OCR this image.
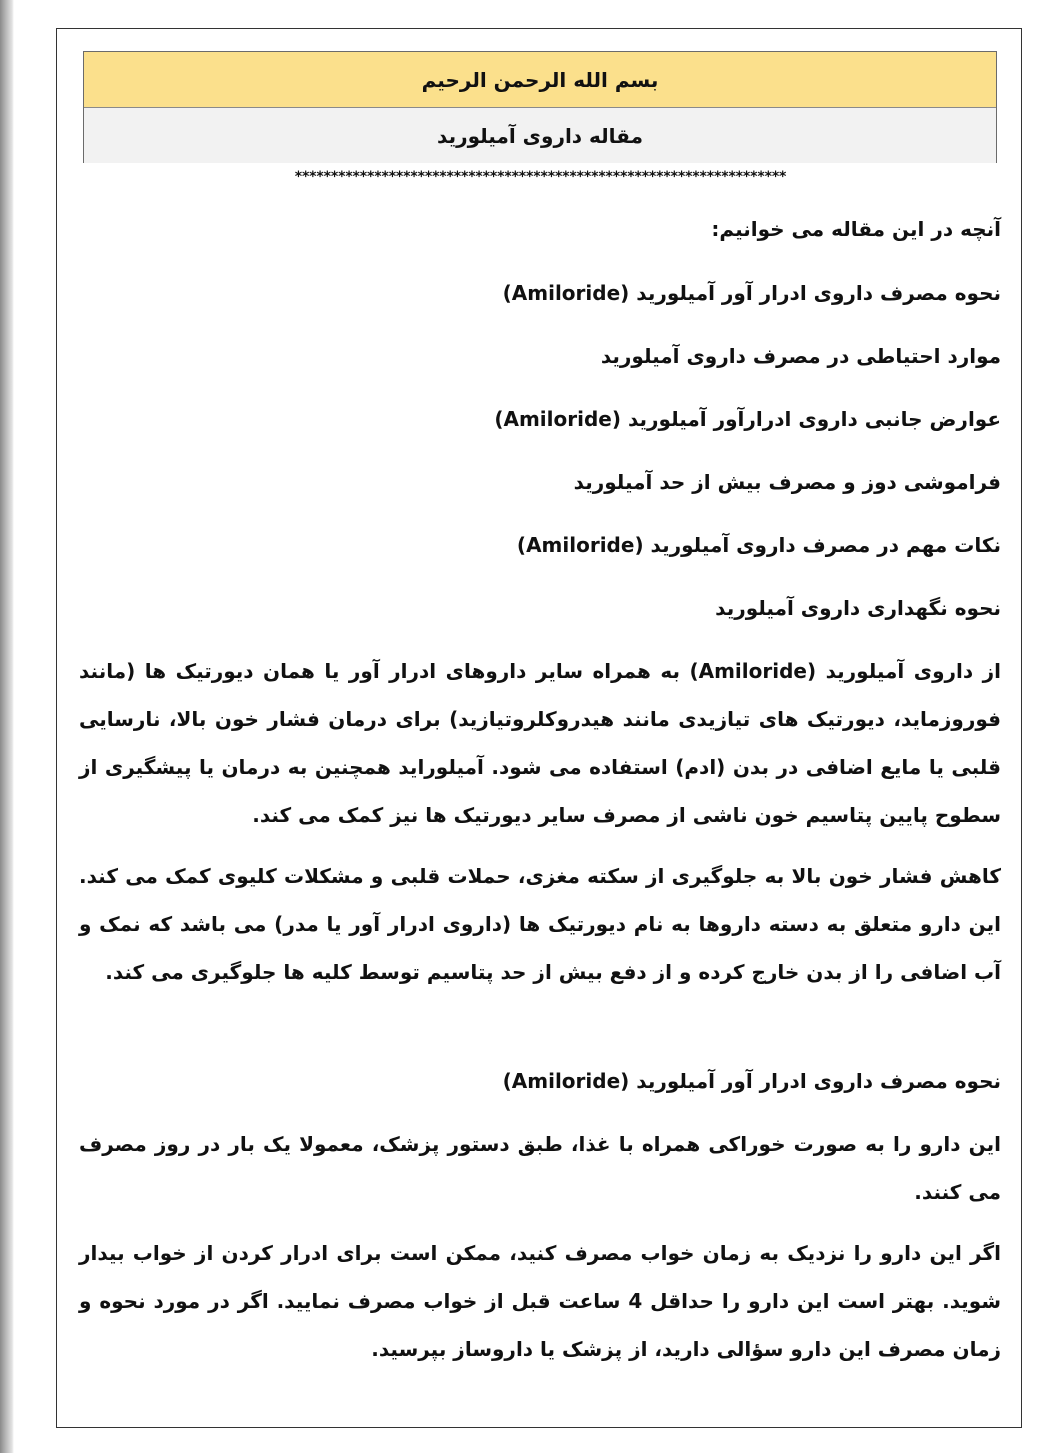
بسم الله الرحمن الرحیم
مقاله داروی آمیلورید
********************************************************************

آنچه در این مقاله می خوانیم:

نحوه مصرف داروی ادرار آور آمیلورید (Amiloride)

موارد احتیاطی در مصرف داروی آمیلورید

عوارض جانبی داروی ادرارآور آمیلورید (Amiloride)

فراموشی دوز و مصرف بیش از حد آمیلورید

نکات مهم در مصرف داروی آمیلورید (Amiloride)

نحوه نگهداری داروی آمیلورید

از داروی آمیلورید (Amiloride) به همراه سایر داروهای ادرار آور یا همان دیورتیک ها (مانند فوروزماید، دیورتیک های تیازیدی مانند هیدروکلروتیازید) برای درمان فشار خون بالا، نارسایی قلبی یا مایع اضافی در بدن (ادم) استفاده می شود. آمیلوراید همچنین به درمان یا پیشگیری از سطوح پایین پتاسیم خون ناشی از مصرف سایر دیورتیک ها نیز کمک می کند.

کاهش فشار خون بالا به جلوگیری از سکته مغزی، حملات قلبی و مشکلات کلیوی کمک می کند. این دارو متعلق به دسته داروها به نام دیورتیک ها (داروی ادرار آور یا مدر) می باشد که نمک و آب اضافی را از بدن خارج کرده و از دفع بیش از حد پتاسیم توسط کلیه ها جلوگیری می کند.

نحوه مصرف داروی ادرار آور آمیلورید (Amiloride)

این دارو را به صورت خوراکی همراه با غذا، طبق دستور پزشک، معمولا یک بار در روز مصرف می کنند.

اگر این دارو را نزدیک به زمان خواب مصرف کنید، ممکن است برای ادرار کردن از خواب بیدار شوید. بهتر است این دارو را حداقل 4 ساعت قبل از خواب مصرف نمایید. اگر در مورد نحوه و زمان مصرف این دارو سؤالی دارید، از پزشک یا داروساز بپرسید.
